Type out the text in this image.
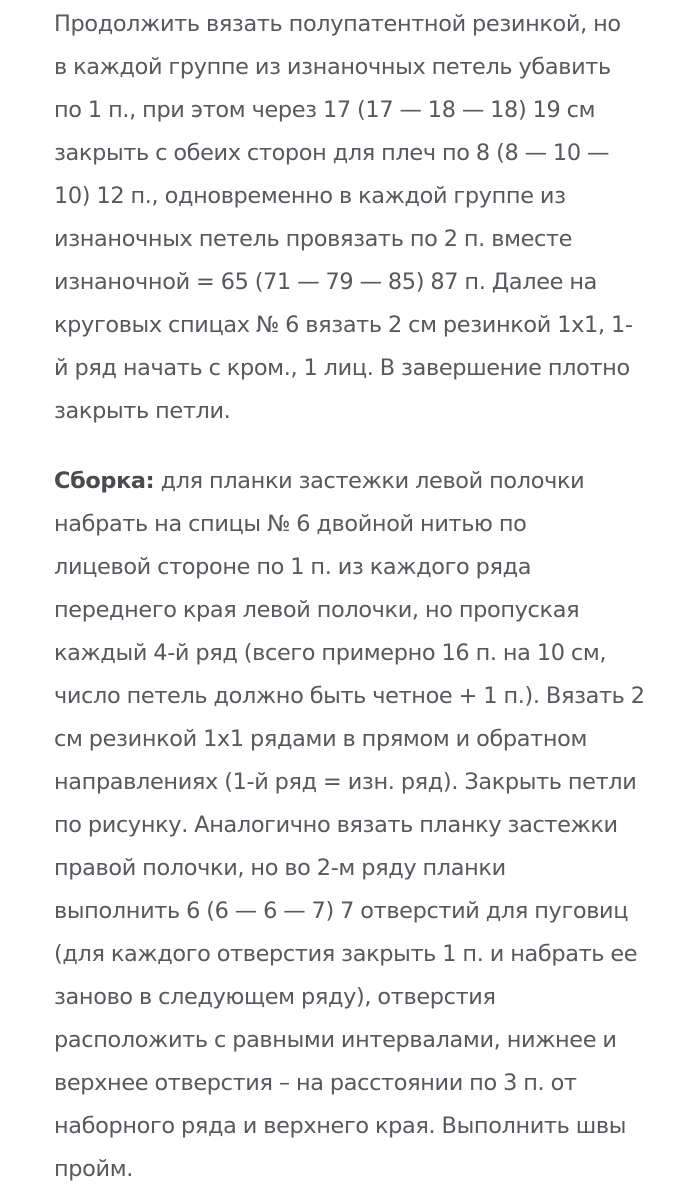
Продолжить вязать полупатентной резинкой, но
в каждой группе из изнаночных петель убавить
по 1 п., при этом через 17 (17 — 18 — 18) 19 см
закрыть с обеих сторон для плеч по 8 (8 — 10 —
10) 12 п., одновременно в каждой группе из
изнаночных петель провязать по 2 п. вместе
изнаночной = 65 (71 — 79 — 85) 87 п. Далее на
круговых спицах № 6 вязать 2 см резинкой 1х1, 1-
й ряд начать с кром., 1 лиц. В завершение плотно
закрыть петли.
Сборка: для планки застежки левой полочки
набрать на спицы № 6 двойной нитью по
лицевой стороне по 1 п. из каждого ряда
переднего края левой полочки, но пропуская
каждый 4-й ряд (всего примерно 16 п. на 10 см,
число петель должно быть четное + 1 п.). Вязать 2
см резинкой 1х1 рядами в прямом и обратном
направлениях (1-й ряд = изн. ряд). Закрыть петли
по рисунку. Аналогично вязать планку застежки
правой полочки, но во 2-м ряду планки
выполнить 6 (6 — 6 — 7) 7 отверстий для пуговиц
(для каждого отверстия закрыть 1 п. и набрать ее
заново в следующем ряду), отверстия
расположить с равными интервалами, нижнее и
верхнее отверстия – на расстоянии по 3 п. от
наборного ряда и верхнего края. Выполнить швы
пройм.
